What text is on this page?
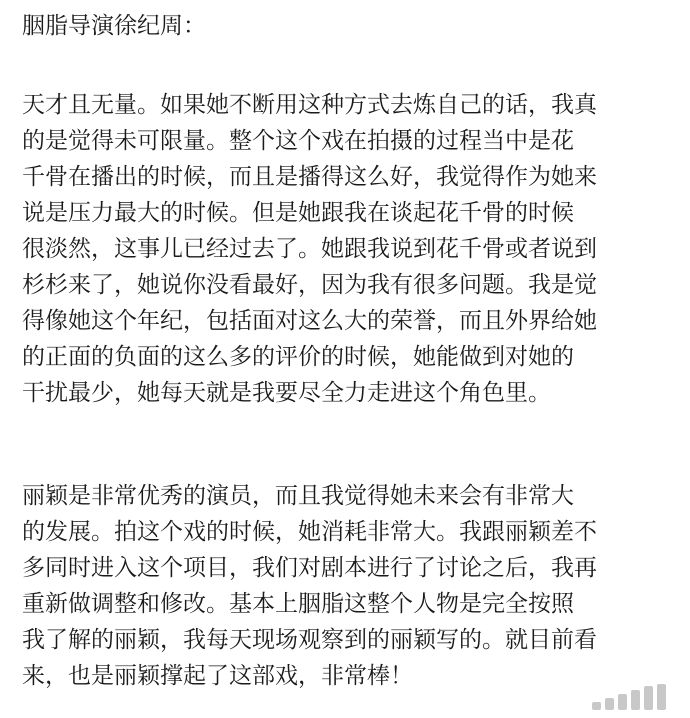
胭脂导演徐纪周：
天才且无量。如果她不断用这种方式去炼自己的话，我真
的是觉得未可限量。整个这个戏在拍摄的过程当中是花
千骨在播出的时候，而且是播得这么好，我觉得作为她来
说是压力最大的时候。但是她跟我在谈起花千骨的时候
很淡然，这事儿已经过去了。她跟我说到花千骨或者说到
杉杉来了，她说你没看最好，因为我有很多问题。我是觉
得像她这个年纪，包括面对这么大的荣誉，而且外界给她
的正面的负面的这么多的评价的时候，她能做到对她的
干扰最少，她每天就是我要尽全力走进这个角色里。
丽颖是非常优秀的演员，而且我觉得她未来会有非常大
的发展。拍这个戏的时候，她消耗非常大。我跟丽颖差不
多同时进入这个项目，我们对剧本进行了讨论之后，我再
重新做调整和修改。基本上胭脂这整个人物是完全按照
我了解的丽颖，我每天现场观察到的丽颖写的。就目前看
来，也是丽颖撑起了这部戏，非常棒！
